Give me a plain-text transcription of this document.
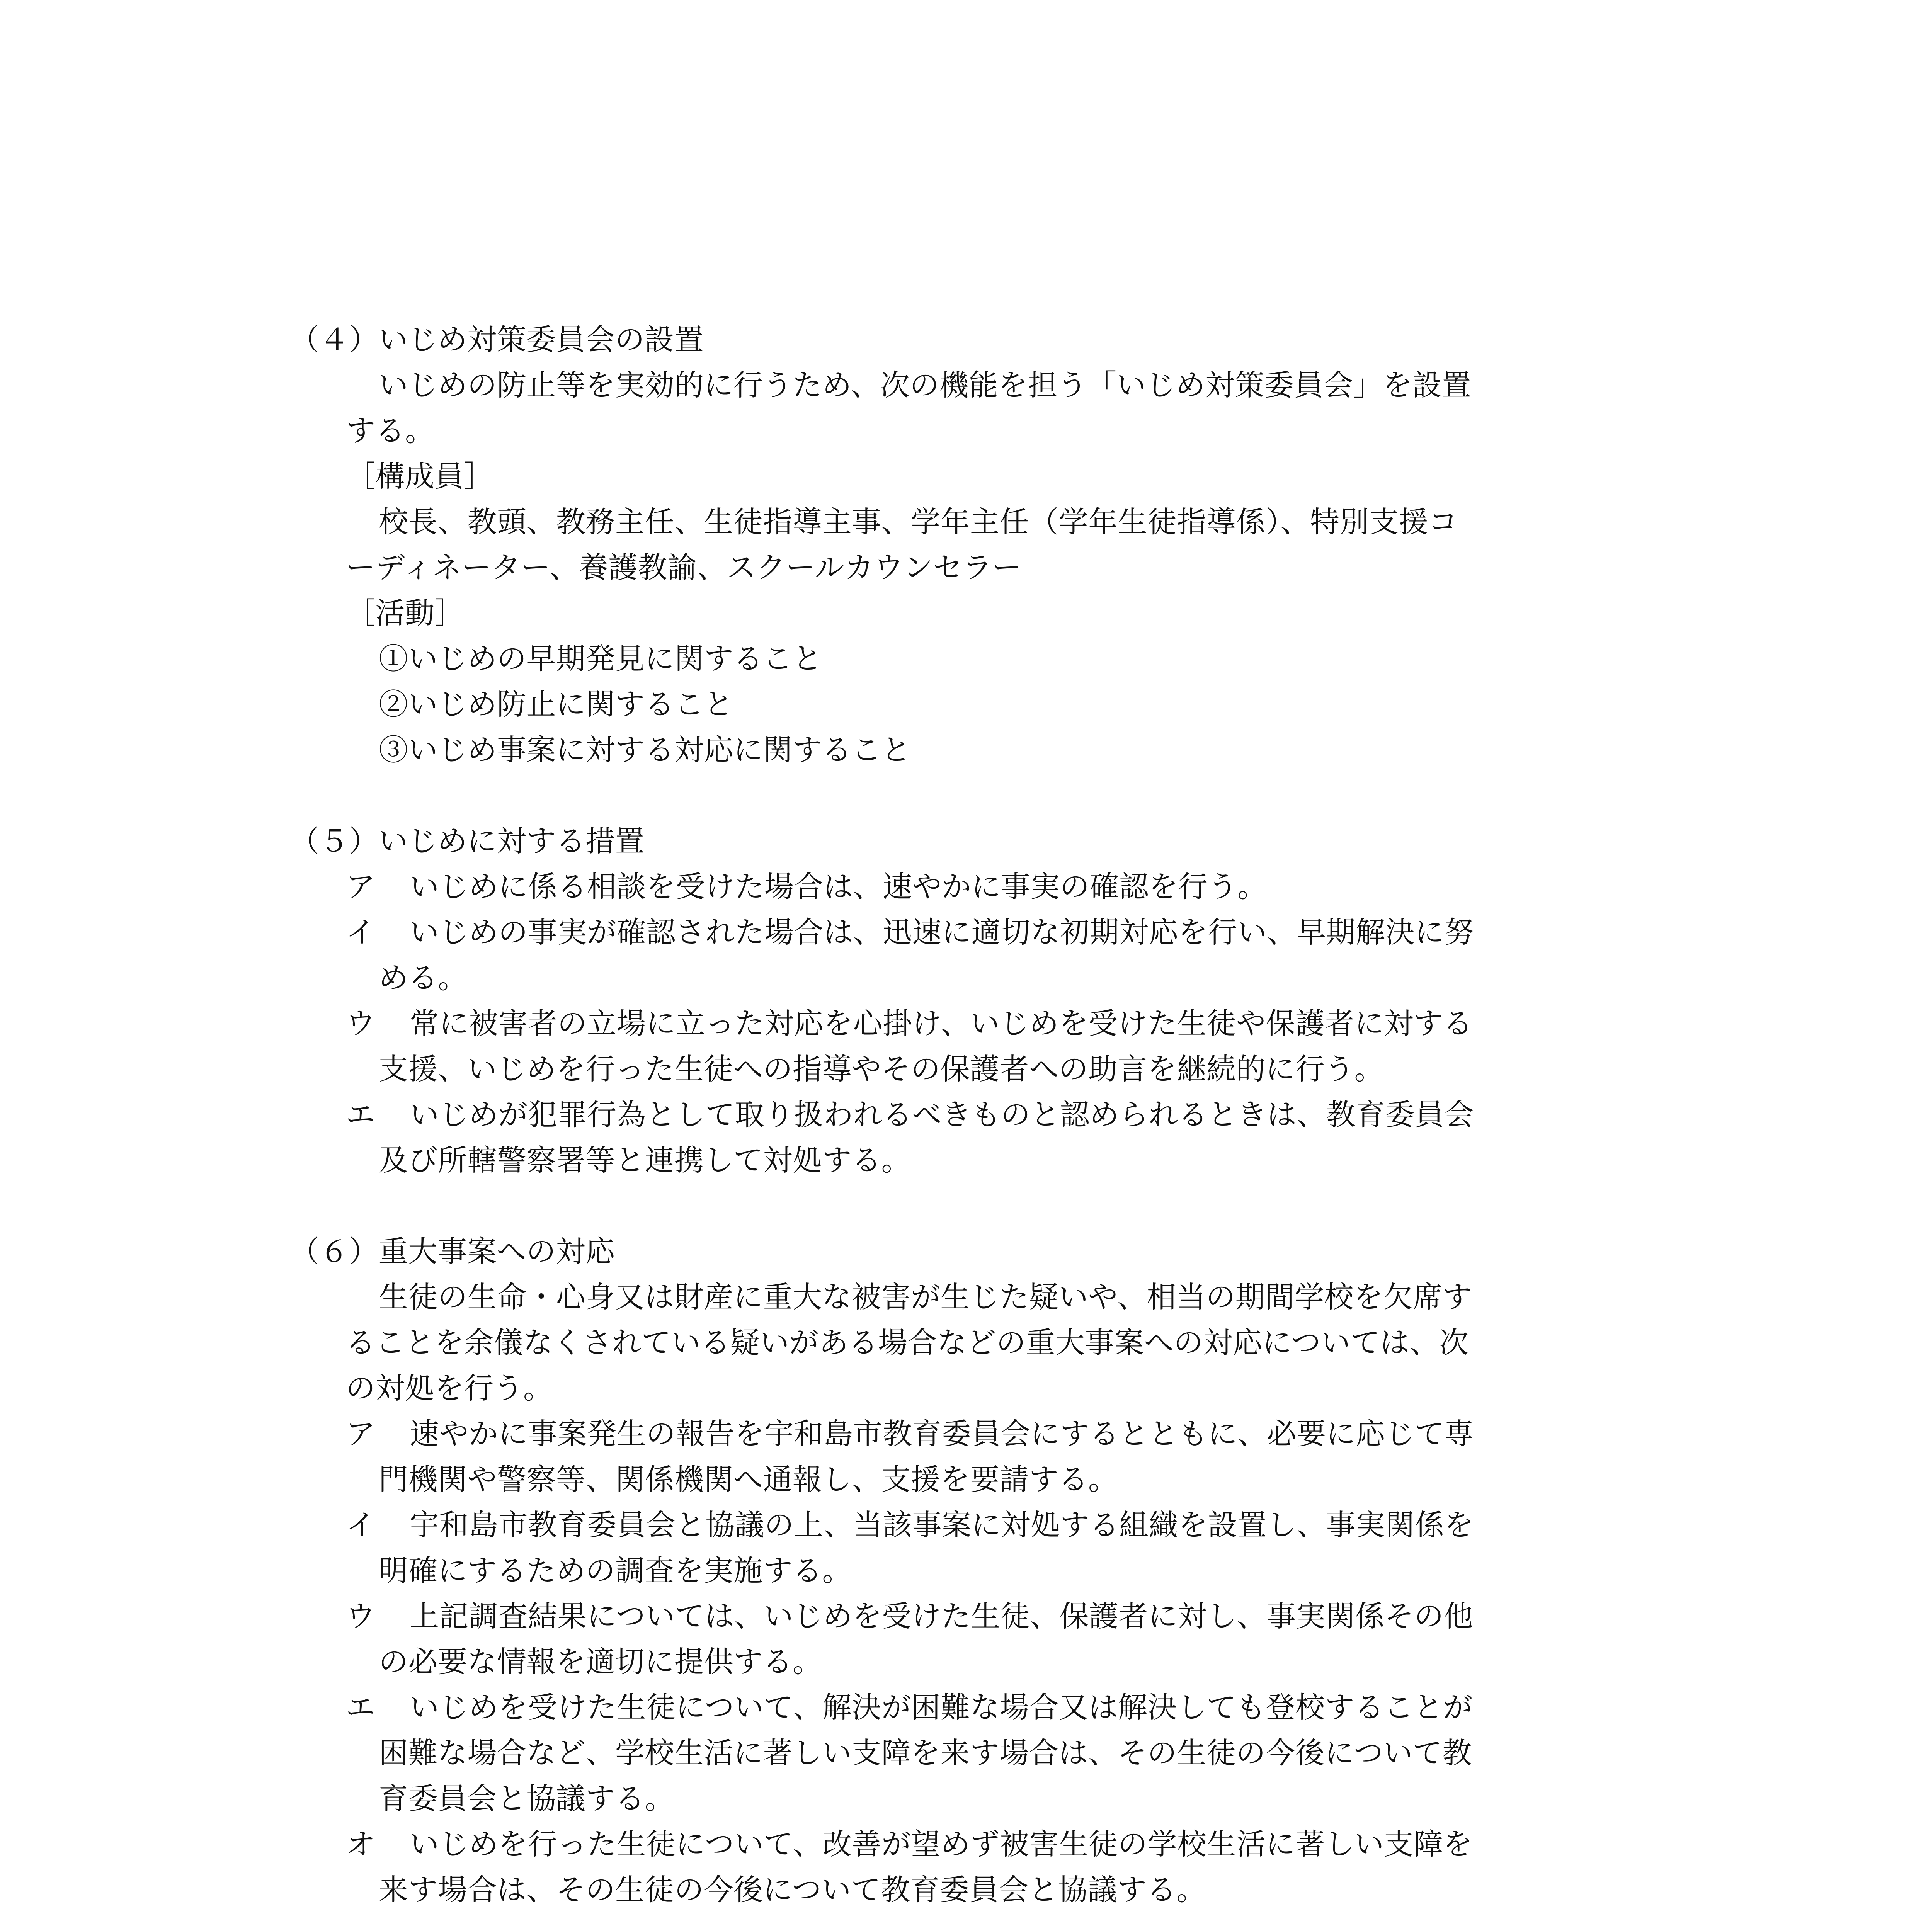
（４）いじめ対策委員会の設置
いじめの防止等を実効的に行うため、次の機能を担う「いじめ対策委員会」を設置
する。
［構成員］
校長、教頭、教務主任、生徒指導主事、学年主任（学年生徒指導係）、特別支援コ
ーディネーター、養護教諭、スクールカウンセラー
［活動］
①いじめの早期発見に関すること
②いじめ防止に関すること
③いじめ事案に対する対応に関すること
（５）いじめに対する措置
ア いじめに係る相談を受けた場合は、速やかに事実の確認を行う。
イ いじめの事実が確認された場合は、迅速に適切な初期対応を行い、早期解決に努
める。
ウ 常に被害者の立場に立った対応を心掛け、いじめを受けた生徒や保護者に対する
支援、いじめを行った生徒への指導やその保護者への助言を継続的に行う。
エ いじめが犯罪行為として取り扱われるべきものと認められるときは、教育委員会
及び所轄警察署等と連携して対処する。
（６）重大事案への対応
生徒の生命・心身又は財産に重大な被害が生じた疑いや、相当の期間学校を欠席す
ることを余儀なくされている疑いがある場合などの重大事案への対応については、次
の対処を行う。
ア 速やかに事案発生の報告を宇和島市教育委員会にするとともに、必要に応じて専
門機関や警察等、関係機関へ通報し、支援を要請する。
イ 宇和島市教育委員会と協議の上、当該事案に対処する組織を設置し、事実関係を
明確にするための調査を実施する。
ウ 上記調査結果については、いじめを受けた生徒、保護者に対し、事実関係その他
の必要な情報を適切に提供する。
エ いじめを受けた生徒について、解決が困難な場合又は解決しても登校することが
困難な場合など、学校生活に著しい支障を来す場合は、その生徒の今後について教
育委員会と協議する。
オ いじめを行った生徒について、改善が望めず被害生徒の学校生活に著しい支障を
来す場合は、その生徒の今後について教育委員会と協議する。
